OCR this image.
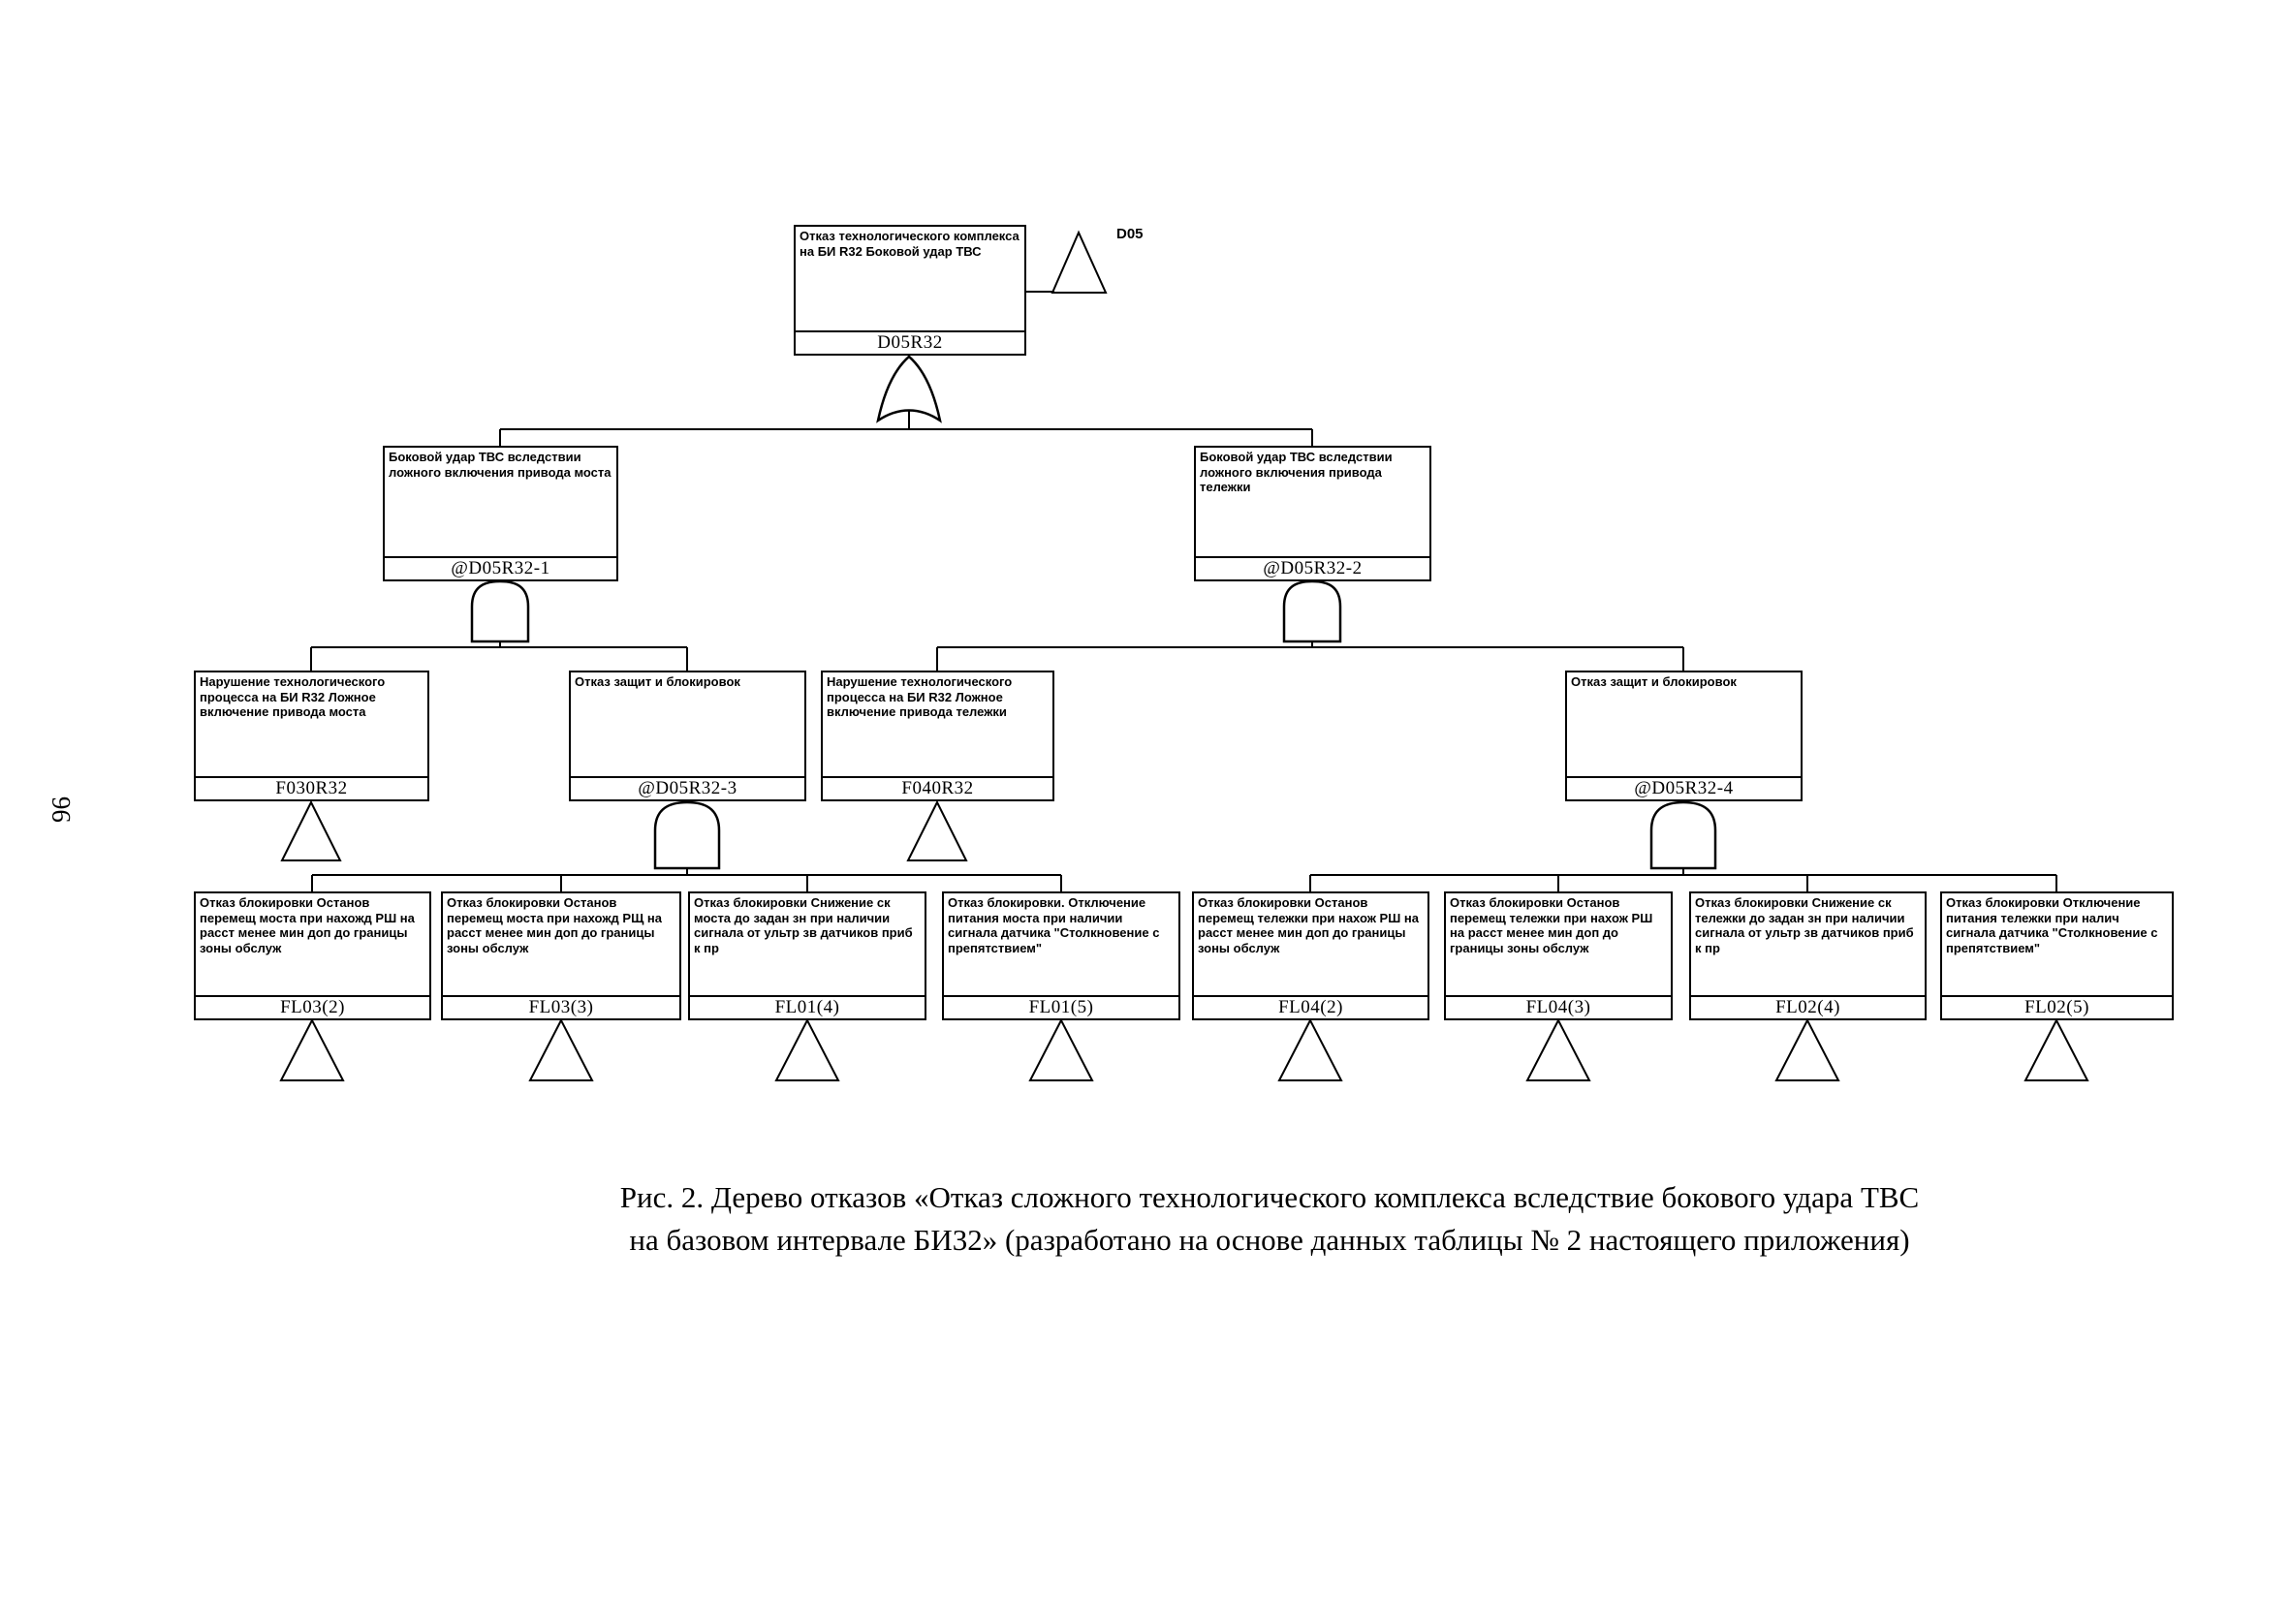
Отказ технологического комплекса на БИ R32 Боковой удар ТВС
D05R32
D05
Боковой удар ТВС вследствии ложного включения привода моста
@D05R32-1
Боковой удар ТВС вследствии ложного включения привода тележки
@D05R32-2
Нарушение технологического процесса на БИ R32 Ложное включение привода моста
F030R32
Отказ защит и блокировок
@D05R32-3
Нарушение технологического процесса на БИ R32 Ложное включение привода тележки
F040R32
Отказ защит и блокировок
@D05R32-4
Отказ блокировки Останов перемещ моста при нахожд РШ на расст менее мин доп до границы зоны обслуж
FL03(2)
Отказ блокировки Останов перемещ моста при нахожд РЩ на расст менее мин доп до границы зоны обслуж
FL03(3)
Отказ блокировки Снижение ск моста до задан зн при наличии сигнала от ультр зв датчиков приб к пр
FL01(4)
Отказ блокировки. Отключение питания моста при наличии сигнала датчика "Столкновение с препятствием"
FL01(5)
Отказ блокировки Останов перемещ тележки при нахож РШ на расст менее мин доп до границы зоны обслуж
FL04(2)
Отказ блокировки Останов перемещ тележки при нахож РШ на расст менее мин доп до границы зоны обслуж
FL04(3)
Отказ блокировки Снижение ск тележки до задан зн при наличии сигнала от ультр зв датчиков приб к пр
FL02(4)
Отказ блокировки Отключение питания тележки при налич сигнала датчика "Столкновение с препятствием"
FL02(5)
96
Рис. 2. Дерево отказов «Отказ сложного технологического комплекса вследствие бокового удара ТВС
на базовом интервале БИ32» (разработано на основе данных таблицы № 2 настоящего приложения)
